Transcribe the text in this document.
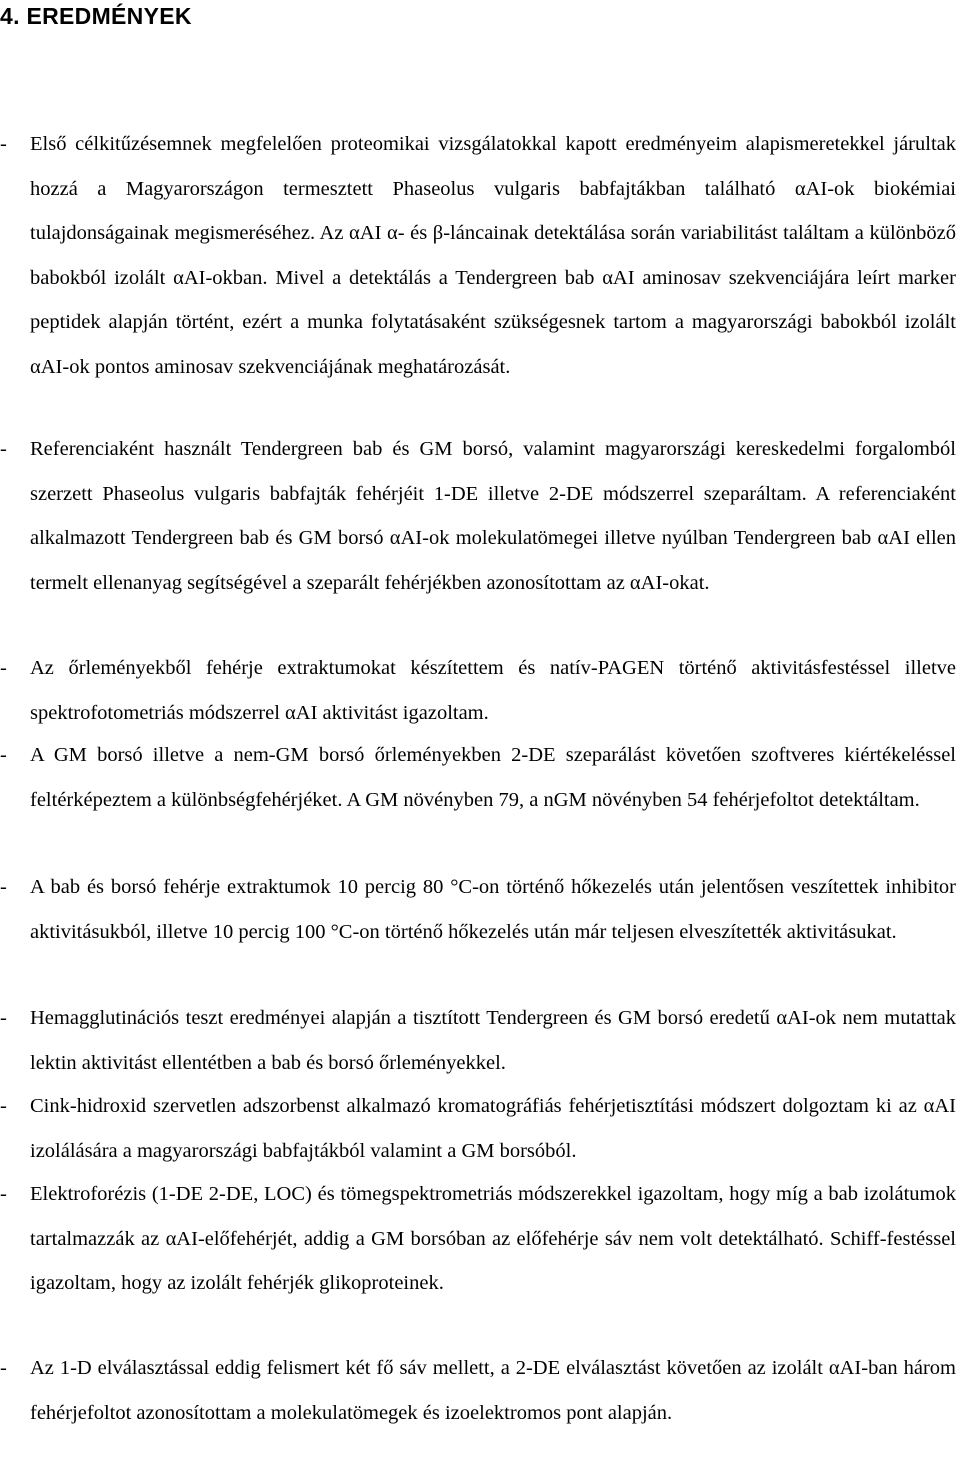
4. EREDMÉNYEK
- Első célkitűzésemnek megfelelően proteomikai vizsgálatokkal kapott eredményeim alapismeretekkel járultak hozzá a Magyarországon termesztett Phaseolus vulgaris babfajtákban található αAI-ok biokémiai tulajdonságainak megismeréséhez. Az αAI α- és β-láncainak detektálása során variabilitást találtam a különböző babokból izolált αAI-okban. Mivel a detektálás a Tendergreen bab αAI aminosav szekvenciájára leírt marker peptidek alapján történt, ezért a munka folytatásaként szükségesnek tartom a magyarországi babokból izolált αAI-ok pontos aminosav szekvenciájának meghatározását.

- Referenciaként használt Tendergreen bab és GM borsó, valamint magyarországi kereskedelmi forgalomból szerzett Phaseolus vulgaris babfajták fehérjéit 1-DE illetve 2-DE módszerrel szeparáltam. A referenciaként alkalmazott Tendergreen bab és GM borsó αAI-ok molekulatömegei illetve nyúlban Tendergreen bab αAI ellen termelt ellenanyag segítségével a szeparált fehérjékben azonosítottam az αAI-okat.

- Az őrleményekből fehérje extraktumokat készítettem és natív-PAGEN történő aktivitásfestéssel illetve spektrofotometriás módszerrel αAI aktivitást igazoltam.

- A GM borsó illetve a nem-GM borsó őrleményekben 2-DE szeparálást követően szoftveres kiértékeléssel feltérképeztem a különbségfehérjéket. A GM növényben 79, a nGM növényben 54 fehérjefoltot detektáltam.

- A bab és borsó fehérje extraktumok 10 percig 80 °C-on történő hőkezelés után jelentősen veszítettek inhibitor aktivitásukból, illetve 10 percig 100 °C-on történő hőkezelés után már teljesen elveszítették aktivitásukat.

- Hemagglutinációs teszt eredményei alapján a tisztított Tendergreen és GM borsó eredetű αAI-ok nem mutattak lektin aktivitást ellentétben a bab és borsó őrleményekkel.

- Cink-hidroxid szervetlen adszorbenst alkalmazó kromatográfiás fehérjetisztítási módszert dolgoztam ki az αAI izolálására a magyarországi babfajtákból valamint a GM borsóból.

- Elektroforézis (1-DE 2-DE, LOC) és tömegspektrometriás módszerekkel igazoltam, hogy míg a bab izolátumok tartalmazzák az αAI-előfehérjét, addig a GM borsóban az előfehérje sáv nem volt detektálható. Schiff-festéssel igazoltam, hogy az izolált fehérjék glikoproteinek.

- Az 1-D elválasztással eddig felismert két fő sáv mellett, a 2-DE elválasztást követően az izolált αAI-ban három fehérjefoltot azonosítottam a molekulatömegek és izoelektromos pont alapján.
